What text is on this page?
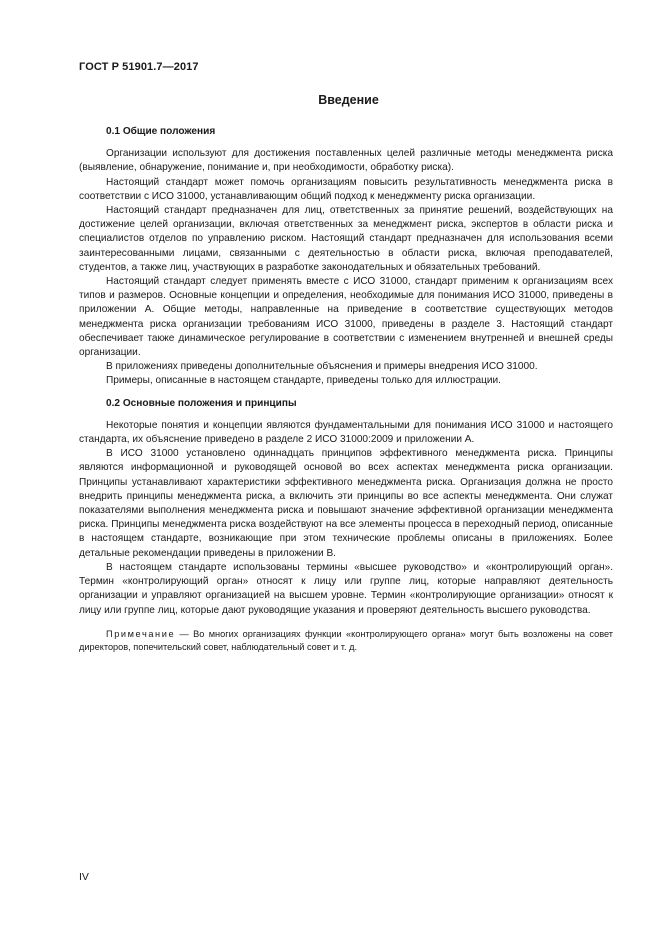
ГОСТ Р 51901.7—2017
Введение

0.1 Общие положения

Организации используют для достижения поставленных целей различные методы менеджмента риска (выявление, обнаружение, понимание и, при необходимости, обработку риска).

Настоящий стандарт может помочь организациям повысить результативность менеджмента риска в соответствии с ИСО 31000, устанавливающим общий подход к менеджменту риска организации.

Настоящий стандарт предназначен для лиц, ответственных за принятие решений, воздействующих на достижение целей организации, включая ответственных за менеджмент риска, экспертов в области риска и специалистов отделов по управлению риском. Настоящий стандарт предназначен для использования всеми заинтересованными лицами, связанными с деятельностью в области риска, включая преподавателей, студентов, а также лиц, участвующих в разработке законодательных и обязательных требований.

Настоящий стандарт следует применять вместе с ИСО 31000, стандарт применим к организациям всех типов и размеров. Основные концепции и определения, необходимые для понимания ИСО 31000, приведены в приложении А. Общие методы, направленные на приведение в соответствие существующих методов менеджмента риска организации требованиям ИСО 31000, приведены в разделе 3. Настоящий стандарт обеспечивает также динамическое регулирование в соответствии с изменением внутренней и внешней среды организации.

В приложениях приведены дополнительные объяснения и примеры внедрения ИСО 31000.

Примеры, описанные в настоящем стандарте, приведены только для иллюстрации.

0.2 Основные положения и принципы

Некоторые понятия и концепции являются фундаментальными для понимания ИСО 31000 и настоящего стандарта, их объяснение приведено в разделе 2 ИСО 31000:2009 и приложении А.

В ИСО 31000 установлено одиннадцать принципов эффективного менеджмента риска. Принципы являются информационной и руководящей основой во всех аспектах менеджмента риска организации. Принципы устанавливают характеристики эффективного менеджмента риска. Организация должна не просто внедрить принципы менеджмента риска, а включить эти принципы во все аспекты менеджмента. Они служат показателями выполнения менеджмента риска и повышают значение эффективной организации менеджмента риска. Принципы менеджмента риска воздействуют на все элементы процесса в переходный период, описанные в настоящем стандарте, возникающие при этом технические проблемы описаны в приложениях. Более детальные рекомендации приведены в приложении В.

В настоящем стандарте использованы термины «высшее руководство» и «контролирующий орган». Термин «контролирующий орган» относят к лицу или группе лиц, которые направляют деятельность организации и управляют организацией на высшем уровне. Термин «контролирующие организации» относят к лицу или группе лиц, которые дают руководящие указания и проверяют деятельность высшего руководства.

Примечание — Во многих организациях функции «контролирующего органа» могут быть возложены на совет директоров, попечительский совет, наблюдательный совет и т. д.

IV
